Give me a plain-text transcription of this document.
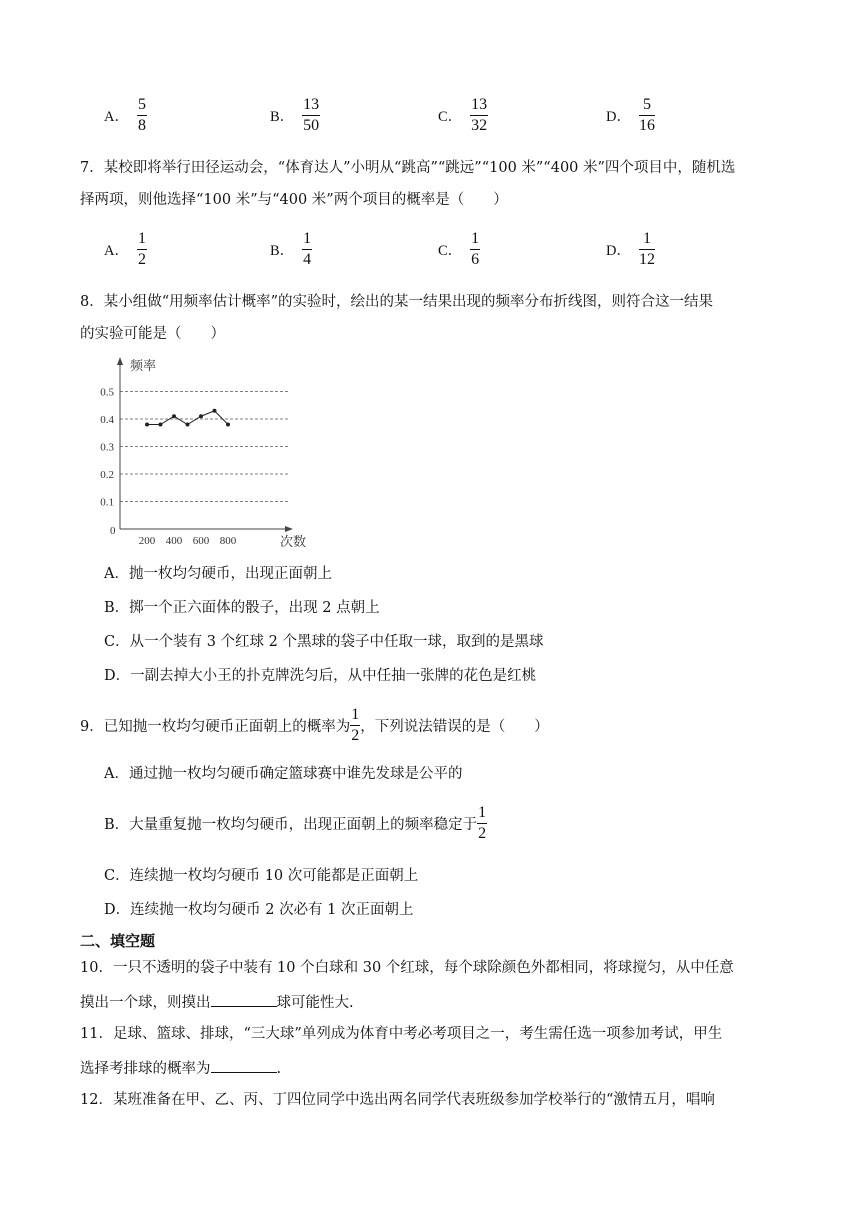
A． $\frac{5}{8}$	B． $\frac{13}{50}$	C． $\frac{13}{32}$	D． $\frac{5}{16}$
7．某校即将举行田径运动会，“体育达人”小明从“跳高”“跳远”“100 米”“400 米”四个项目中，随机选
择两项，则他选择“100 米”与“400 米”两个项目的概率是（　　）
A． $\frac{1}{2}$	B． $\frac{1}{4}$	C． $\frac{1}{6}$	D． $\frac{1}{12}$
8．某小组做“用频率估计概率”的实验时，绘出的某一结果出现的频率分布折线图，则符合这一结果
的实验可能是（　　）
频率
次数
0
0.1
0.2
0.3
0.4
0.5
200 400 600 800
A．抛一枚均匀硬币，出现正面朝上
B．掷一个正六面体的骰子，出现 2 点朝上
C．从一个装有 3 个红球 2 个黑球的袋子中任取一球，取到的是黑球
D．一副去掉大小王的扑克牌洗匀后，从中任抽一张牌的花色是红桃
9．已知抛一枚均匀硬币正面朝上的概率为 $\frac{1}{2}$ ，下列说法错误的是（　　）
A．通过抛一枚均匀硬币确定篮球赛中谁先发球是公平的
B．大量重复抛一枚均匀硬币，出现正面朝上的频率稳定于 $\frac{1}{2}$
C．连续抛一枚均匀硬币 10 次可能都是正面朝上
D．连续抛一枚均匀硬币 2 次必有 1 次正面朝上
二、填空题
10．一只不透明的袋子中装有 10 个白球和 30 个红球，每个球除颜色外都相同，将球搅匀，从中任意
摸出一个球，则摸出	球可能性大.
11．足球、篮球、排球，“三大球”单列成为体育中考必考项目之一，考生需任选一项参加考试，甲生
选择考排球的概率为	.
12．某班准备在甲、乙、丙、丁四位同学中选出两名同学代表班级参加学校举行的“激情五月，唱响
